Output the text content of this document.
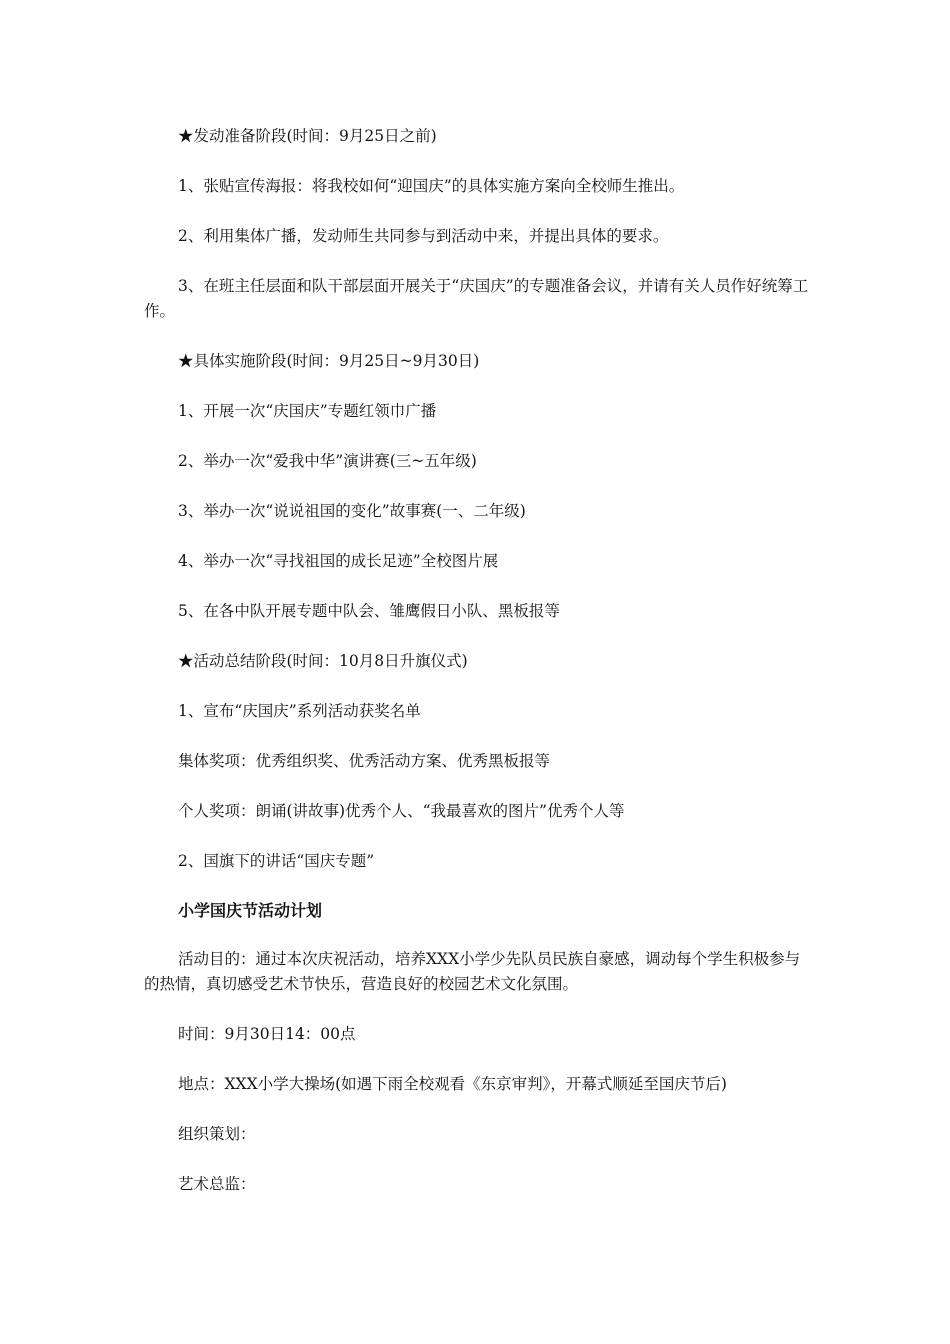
★发动准备阶段(时间：9月25日之前)

1、张贴宣传海报：将我校如何“迎国庆”的具体实施方案向全校师生推出。

2、利用集体广播，发动师生共同参与到活动中来，并提出具体的要求。

3、在班主任层面和队干部层面开展关于“庆国庆”的专题准备会议，并请有关人员作好统筹工作。

★具体实施阶段(时间：9月25日~9月30日)

1、开展一次“庆国庆”专题红领巾广播

2、举办一次“爱我中华”演讲赛(三~五年级)

3、举办一次“说说祖国的变化”故事赛(一、二年级)

4、举办一次“寻找祖国的成长足迹”全校图片展

5、在各中队开展专题中队会、雏鹰假日小队、黑板报等

★活动总结阶段(时间：10月8日升旗仪式)

1、宣布“庆国庆”系列活动获奖名单

集体奖项：优秀组织奖、优秀活动方案、优秀黑板报等

个人奖项：朗诵(讲故事)优秀个人、“我最喜欢的图片”优秀个人等

2、国旗下的讲话“国庆专题”

小学国庆节活动计划

活动目的：通过本次庆祝活动，培养XXX小学少先队员民族自豪感，调动每个学生积极参与的热情，真切感受艺术节快乐，营造良好的校园艺术文化氛围。

时间：9月30日14：00点

地点：XXX小学大操场(如遇下雨全校观看《东京审判》，开幕式顺延至国庆节后)

组织策划：

艺术总监：
